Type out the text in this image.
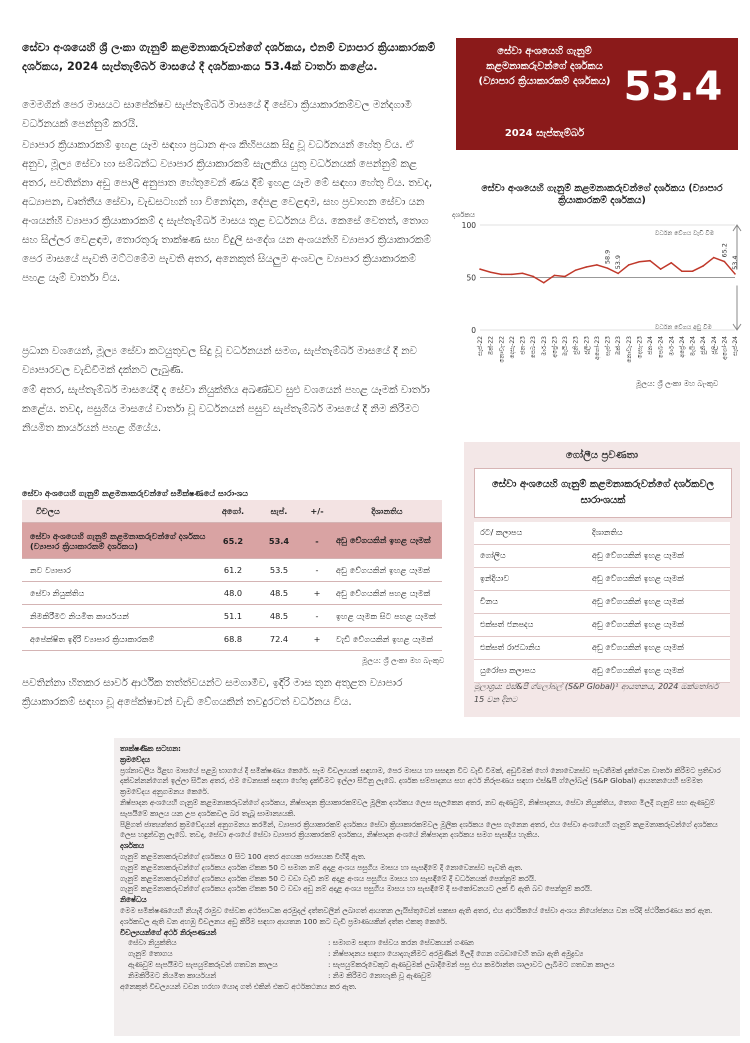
සේවා අංශයෙහි ශ්‍රී ලංකා ගැනුම් කළමනාකරුවන්ගේ දර්ශකය, එනම් ව්‍යාපාර ක්‍රියාකාරකම් දර්ශකය, 2024 සැප්තැම්බර් මාසයේ දී දර්ශකාංකය 53.4ක් වාර්තා කළේය.
මෙමගින් පෙර මාසයට සාපේක්ෂව සැප්තැම්බර් මාසයේ දී සේවා ක්‍රියාකාරකම්වල මන්දගාමී වර්ධනයක් පෙන්නුම් කරයි.
ව්‍යාපාර ක්‍රියාකාරකම් ඉහළ යෑම සඳහා ප්‍රධාන අංශ කිහිපයක සිදු වූ වර්ධනයන් හේතු විය. ඒ අනුව, මූල්‍ය සේවා හා සම්බන්ධ ව්‍යාපාර ක්‍රියාකාරකම් සැලකිය යුතු වර්ධනයක් පෙන්නුම් කළ අතර, පවතින්නා අඩු පොලී අනුපාත හේතුවෙන් ණය දීම් ඉහළ යෑම මේ සඳහා හේතු විය. තවද, අධ්‍යාපන, වෘත්තීය සේවා, වැඩසටහන් හා විනෝදන, දේපළ වෙළඳාම, සහ ප්‍රවාහන සේවා යන අංශයන්හි ව්‍යාපාර ක්‍රියාකාරකම් ද සැප්තැම්බර් මාසය තුළ වර්ධනය විය. කෙසේ වෙතත්, තොග සහ සිල්ලර වෙළඳාම, තොරතුරු තාක්ෂණ සහ විදුලි සංදේශ යන අංශයන්හි ව්‍යාපාර ක්‍රියාකාරකම් පෙර මාසයේ පැවති මට්ටමේම පැවති අතර, අනෙකුත් සියලුම අංශවල ව්‍යාපාර ක්‍රියාකාරකම් පහළ යෑම් වාර්තා විය.
ප්‍රධාන වශයෙන්, මූල්‍ය සේවා කටයුතුවල සිදු වූ වර්ධනයන් සමග, සැප්තැම්බර් මාසයේ දී නව ව්‍යාපාරවල වැඩිවීමක් දක්නට ලැබුණි.
මේ අතර, සැප්තැම්බර් මාසයේදී ද සේවා නියුක්තිය අඛණ්ඩව සුළු වශයෙන් පහළ යෑමක් වාර්තා කළේය. තවද, පසුගිය මාසයේ වාර්තා වූ වර්ධනයන් පසුව සැප්තැම්බර් මාසයේ දී නිම කිරීමට නියමිත කාර්යයන් පහළ ගියේය.
සේවා අංශයෙහි ගැනුම් කළමනාකරුවන්ගේ දර්ශකය (ව්‍යාපාර ක්‍රියාකාරකම් දර්ශකය)
2024 සැප්තැම්බර්
53.4
සේවා අංශයෙහි ගැනුම් කළමනාකරුවන්ගේ දර්ශකය (ව්‍යාපාර ක්‍රියාකාරකම් දර්ශකය)
දර්ශකය
0
50
100
වර්ධන වේගය වැඩි වීම
වර්ධන වේගය අඩු වීම
සැප්-22 ඔක්-22 නොවැ-22 දෙසැ-22 ජන-23 පෙබ-23 මාර්-23 අප්‍රේ-23 මැයි-23 ජුනි-23 ජූලි-23 අගෝ-23
58.9
සැප්-23
53.9
ඔක්-23 නොවැ-23 දෙසැ-23 ජන-24 පෙබ-24 මාර්-24 අප්‍රේ-24 මැයි-24 ජුනි-24 ජූලි-24
65.2
අගෝ-24
53.4
සැප්-24
මූලය: ශ්‍රී ලංකා මහ බැංකුව
සේවා අංශයෙහි ගැනුම් කළමනාකරුවන්ගේ සමීක්ෂණයේ සාරාංශය
විචලය	අගෝ.	සැප්.	+/-	දිශානතිය
සේවා අංශයෙහි ගැනුම් කළමනාකරුවන්ගේ දර්ශකය (ව්‍යාපාර ක්‍රියාකාරකම් දර්ශකය)	65.2	53.4	-	අඩු වේගයකින් ඉහළ යෑමක්
නව ව්‍යාපාර	61.2	53.5	-	අඩු වේගයකින් ඉහළ යෑමක්
සේවා නියුක්තිය	48.0	48.5	+	අඩු වේගයකින් පහළ යෑමක්
නිමකිරීමට නියමිත කාර්යයන්	51.1	48.5	-	ඉහළ යෑමක සිට පහළ යෑමක්
අපේක්ෂිත ඉදිරි ව්‍යාපාර ක්‍රියාකාරකම්	68.8	72.4	+	වැඩි වේගයකින් ඉහළ යෑමක්
මූලය: ශ්‍රී ලංකා මහ බැංකුව
පවතින්නා හිතකර සාර්ව ආර්ථික තත්ත්වයන්ට සමගාමීව, ඉදිරි මාස තුන අතුළත ව්‍යාපාර ක්‍රියාකාරකම් සඳහා වූ අපේක්ෂාවන් වැඩි වේගයකින් තවදුරටත් වර්ධනය විය.
ගෝලීය ප්‍රවණතා
සේවා අංශයෙහි ගැනුම් කළමනාකරුවන්ගේ දර්ශකවල සාරාංශයක්
රට/ කලාපය	දිශානතිය
ගෝලීය	අඩු වේගයකින් ඉහළ යෑමක්
ඉන්දියාව	අඩු වේගයකින් ඉහළ යෑමක්
චීනය	අඩු වේගයකින් ඉහළ යෑමක්
එක්සත් ජනපදය	අඩු වේගයකින් ඉහළ යෑමක්
එක්සත් රාජධානිය	අඩු වේගයකින් ඉහළ යෑමක්
යුරෝපා කලාපය	අඩු වේගයකින් ඉහළ යෑමක්
මූලාශ්‍රය: එස්&පී ග්ලෝබල් (S&P Global)¹ ආයතනය, 2024 ඔක්තෝබර් 15 වන දිනට
තාක්ෂණික සටහන:
ක්‍රමවේදය
ප්‍රශ්නාවලිය ඊළඟ මාසයේ පළමු භාගයේ දී සමීක්ෂණය කෙරේ. සෑම විචල්‍යයක් සඳහාම, පෙර මාසය හා සසඳන විට වැඩි වීමක්, අඩුවීමක් හෝ නොවෙනස්ව පැවතීමක් දැක්වෙන වාර්තා කිරීමට ප්‍රතිචාර දක්වන්නන්ගෙන් ඉල්ලා සිටින අතර, එම වෙනසක් සඳහා හේතු දැක්වීමට ඉල්ලා සිටිනු ලැබේ. දර්ශක සම්පාදනය සහ අර්ථ නිරූපණය සඳහා එස්&පී ග්ලෝබල් (S&P Global) ආයතනයෙහි සම්මත ක්‍රමවේදය අනුගමනය කෙරේ.
නිෂ්පාදන අංශයෙහි ගැනුම් කළමනාකරුවන්ගේ දර්ශකය, නිෂ්පාදන ක්‍රියාකාරකම්වල මූලික දර්ශකය ලෙස සැලකෙන අතර, නව ඇණවුම්, නිෂ්පාදනය, සේවා නියුක්තිය, තොග මිලදී ගැනුම් සහ ඇණවුම් සැපයීමේ කාලය යන උප දර්ශකවල බර තැබූ සාමාන්‍යයකි.
පිළිගත් ජාත්‍යන්තර ක්‍රමවේදයන් අනුගමනය කරමින්, ව්‍යාපාර ක්‍රියාකාරකම් දර්ශකය සේවා ක්‍රියාකාරකම්වල මූලික දර්ශකය ලෙස ගැනෙන අතර, එය සේවා අංශයෙහි ගැනුම් කළමනාකරුවන්ගේ දර්ශකය ලෙස හඳුන්වනු ලැබේ. තවද, සේවා අංශයේ සේවා ව්‍යාපාර ක්‍රියාකාරකම් දර්ශකය, නිෂ්පාදන අංශයේ නිෂ්පාදන දර්ශකය සමග සැසඳිය හැකිය.
දර්ශකය
ගැනුම් කළමනාකරුවන්ගේ දර්ශකය 0 සිට 100 අතර අගයක පරාසයක විහිදී ඇත.
ගැනුම් කළමනාකරුවන්ගේ දර්ශකය දර්ශක ඒකක 50 ට සමාන නම් අදාළ අංශය පසුගිය මාසය හා සැසඳීමේ දී නොවෙනස්ව පැවති ඇත.
ගැනුම් කළමනාකරුවන්ගේ දර්ශකය දර්ශක ඒකක 50 ට වඩා වැඩි නම් අදාළ අංශය පසුගිය මාසය හා සැසඳීමේ දී වර්ධනයක් පෙන්නුම් කරයි.
ගැනුම් කළමනාකරුවන්ගේ දර්ශකය දර්ශක ඒකක 50 ට වඩා අඩු නම් අදාළ අංශය පසුගිය මාසය හා සැසඳීමේ දී සංකෝචනයට ලක් වී ඇති බව පෙන්නුම් කරයි.
නිෂේධය
මෙම සමීක්ෂණයෙහි නියැදි රාමුව සේවක අර්ථසාධක අරමුදල් දත්තවලින් ලබාගත් ආයතන ලැයිස්තුවෙන් සකසා ඇති අතර, එය ආර්ථිකයේ සේවා අංශය නියෝජනය වන පරිදි ස්ථරීකරණය කර ඇත. දර්ශකවල ඇති වන අහඹු විචලනය අඩු කිරීම සඳහා ආයතන 100 කට වැඩි ප්‍රමාණයකින් දත්ත එකතු කෙරේ.
විචල්‍යයන්ගේ අර්ථ නිරූපණයන්
සේවා නියුක්තිය	: සමාගම සඳහා සේවය කරන සේවකයන් ගණන
ගැනුම් තොගය	: නිෂ්පාදනය සඳහා යොදාගැනීමට අරමුණින් මිලදී ගෙන ගබඩාවෙහි තබා ඇති අමුද්‍රව්‍ය
ඇණවුම් සැපයීමට සැපයුම්කරුවන් ගතවන කාලය	: සැපයුම්කරුවෙකුට ඇණවුමක් ලබාදීමෙන් පසු එය කර්මාන්ත ශාලාවට ලැබීමට ගතවන කාලය
නිමකිරීමට නියමිත කාර්යයන්	: නිම කිරීමට නොහැකි වූ ඇණවුම්
අනෙකුත් විචල්‍යයන් වචන හරහා යොදා ගත් එකින් එකට අර්ථකථනය කර ඇත.
